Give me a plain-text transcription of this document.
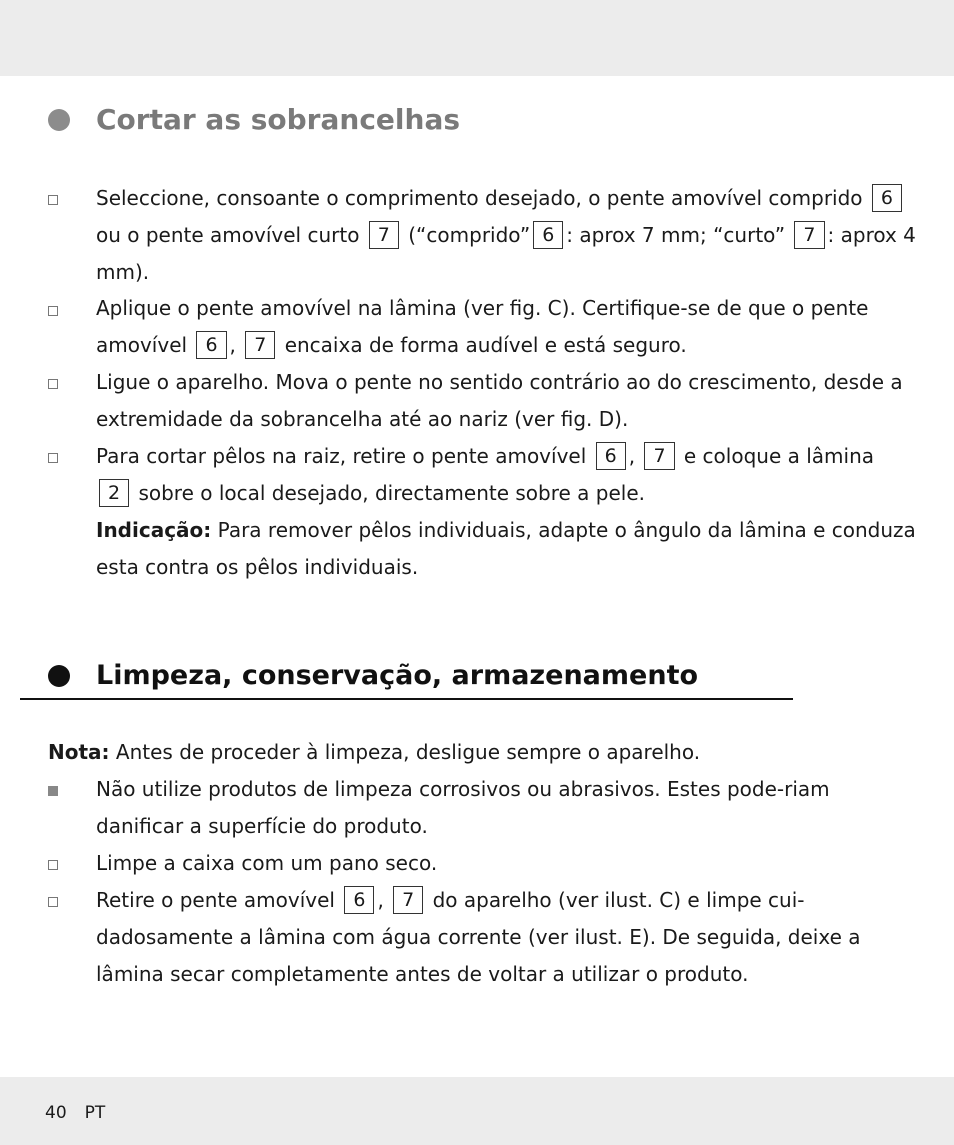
Cortar as sobrancelhas
Seleccione, consoante o comprimento desejado, o pente amovível comprido 6 ou o pente amovível curto 7 (“comprido” 6 : aprox 7 mm; “curto” 7 : aprox 4 mm).
Aplique o pente amovível na lâmina (ver fig. C). Certifique-se de que o pente amovível 6 , 7 encaixa de forma audível e está seguro.
Ligue o aparelho. Mova o pente no sentido contrário ao do crescimento, desde a extremidade da sobrancelha até ao nariz (ver fig. D).
Para cortar pêlos na raiz, retire o pente amovível 6 , 7 e coloque a lâmina 2 sobre o local desejado, directamente sobre a pele.
Indicação: Para remover pêlos individuais, adapte o ângulo da lâmina e conduza esta contra os pêlos individuais.
Limpeza, conservação, armazenamento
Nota: Antes de proceder à limpeza, desligue sempre o aparelho.
Não utilize produtos de limpeza corrosivos ou abrasivos. Estes pode-riam danificar a superfície do produto.
Limpe a caixa com um pano seco.
Retire o pente amovível 6 , 7 do aparelho (ver ilust. C) e limpe cui-dadosamente a lâmina com água corrente (ver ilust. E). De seguida, deixe a lâmina secar completamente antes de voltar a utilizar o produto.
40 PT
